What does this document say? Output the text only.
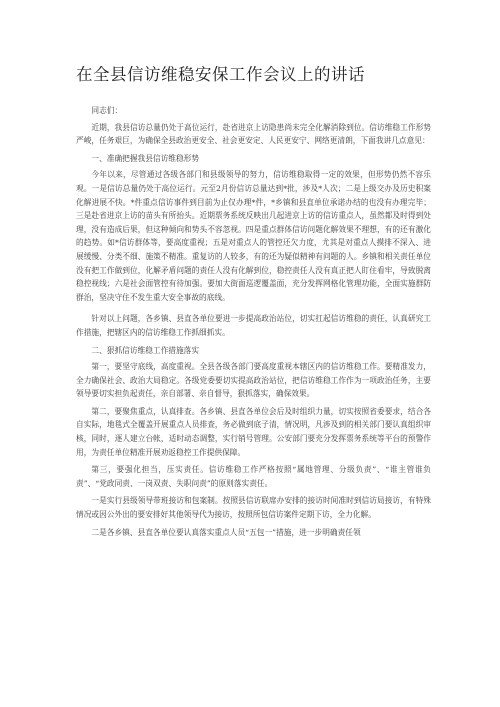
在全县信访维稳安保工作会议上的讲话

同志们：

近期，我县信访总量仍处于高位运行，赴省进京上访隐患尚未完全化解消除到位。信访维稳工作形势严峻，任务艰巨，为确保全县政治更安全、社会更安定、人民更安宁、网络更清朗，下面我讲几点意见：

一、准确把握我县信访维稳形势

今年以来，尽管通过各级各部门和县级领导的努力，信访维稳取得一定的效果，但形势仍然不容乐观。一是信访总量仍处于高位运行。元至2月份信访总量达到*批，涉及*人次；二是上级交办及历史积案化解进展不快。*件重点信访事件到目前为止仅办理*件，*乡镇和县直单位承诺办结的也没有办理完毕；三是赴省进京上访的苗头有所抬头。近期票务系统反映出几起进京上访的信访重点人，虽然都及时得到处理，没有造成后果，但这种倾向和势头不容忽视。四是重点群体信访问题化解效果不理想，有的还有激化的趋势。如*信访群体等，要高度重视；五是对重点人的管控还欠力度，尤其是对重点人摸排不深入、进展缓慢、分类不细、施策不精准。重复访的人较多，有的还为疑似精神有问题的人。乡镇和相关责任单位没有把工作做到位，化解矛盾问题的责任人没有化解到位，稳控责任人没有真正把人盯住看牢，导致脱离稳控视线；六是社会面管控有待加强。要加大街面巡逻覆盖面，充分发挥网格化管理功能，全面实施群防群治，坚决守住不发生重大安全事故的底线。

针对以上问题，各乡镇、县直各单位要进一步提高政治站位，切实扛起信访维稳的责任，认真研究工作措施，把辖区内的信访维稳工作抓细抓实。

二、狠抓信访维稳工作措施落实

第一，要坚守底线，高度重视。全县各级各部门要高度重视本辖区内的信访维稳工作。要精准发力，全力确保社会、政治大局稳定。各级党委要切实提高政治站位，把信访维稳工作作为一项政治任务，主要领导要切实担负起责任，亲自部署、亲自督导，狠抓落实，确保效果。

第二，要聚焦重点，认真排查。各乡镇、县直各单位会后及时组织力量，切实按照省委要求，结合各自实际，地毯式全覆盖开展重点人员排查，务必做到底子清，情况明，凡涉及到的相关部门要认真组织审核，同时，逐人建立台帐，适时动态调整，实行销号管理。公安部门要充分发挥票务系统等平台的预警作用，为责任单位精准开展劝返稳控工作提供保障。

第三，要强化担当，压实责任。信访维稳工作严格按照“属地管理、分级负责”、“谁主管谁负责”、“党政同责、一岗双责、失职问责”的原则落实责任。

一是实行县级领导带班接访和包案制。按照县信访联席办安排的接访时间准时到信访局接访，有特殊情况或因公外出的要安排好其他领导代为接访，按照所包信访案件定期下访，全力化解。

二是各乡镇、县直各单位要认真落实重点人员“五包一”措施，进一步明确责任领
